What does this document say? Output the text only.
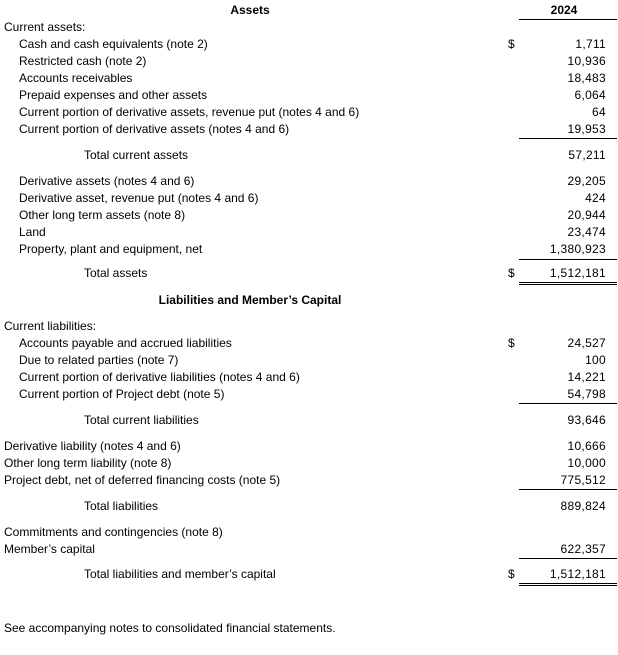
Assets	2024
Current assets:
Cash and cash equivalents (note 2)	$	1,711
Restricted cash (note 2)	10,936
Accounts receivables	18,483
Prepaid expenses and other assets	6,064
Current portion of derivative assets, revenue put (notes 4 and 6)	64
Current portion of derivative assets (notes 4 and 6)	19,953
Total current assets	57,211
Derivative assets (notes 4 and 6)	29,205
Derivative asset, revenue put (notes 4 and 6)	424
Other long term assets (note 8)	20,944
Land	23,474
Property, plant and equipment, net	1,380,923
Total assets	$	1,512,181
Liabilities and Member’s Capital
Current liabilities:
Accounts payable and accrued liabilities	$	24,527
Due to related parties (note 7)	100
Current portion of derivative liabilities (notes 4 and 6)	14,221
Current portion of Project debt (note 5)	54,798
Total current liabilities	93,646
Derivative liability (notes 4 and 6)	10,666
Other long term liability (note 8)	10,000
Project debt, net of deferred financing costs (note 5)	775,512
Total liabilities	889,824
Commitments and contingencies (note 8)
Member’s capital	622,357
Total liabilities and member’s capital	$	1,512,181
See accompanying notes to consolidated financial statements.
